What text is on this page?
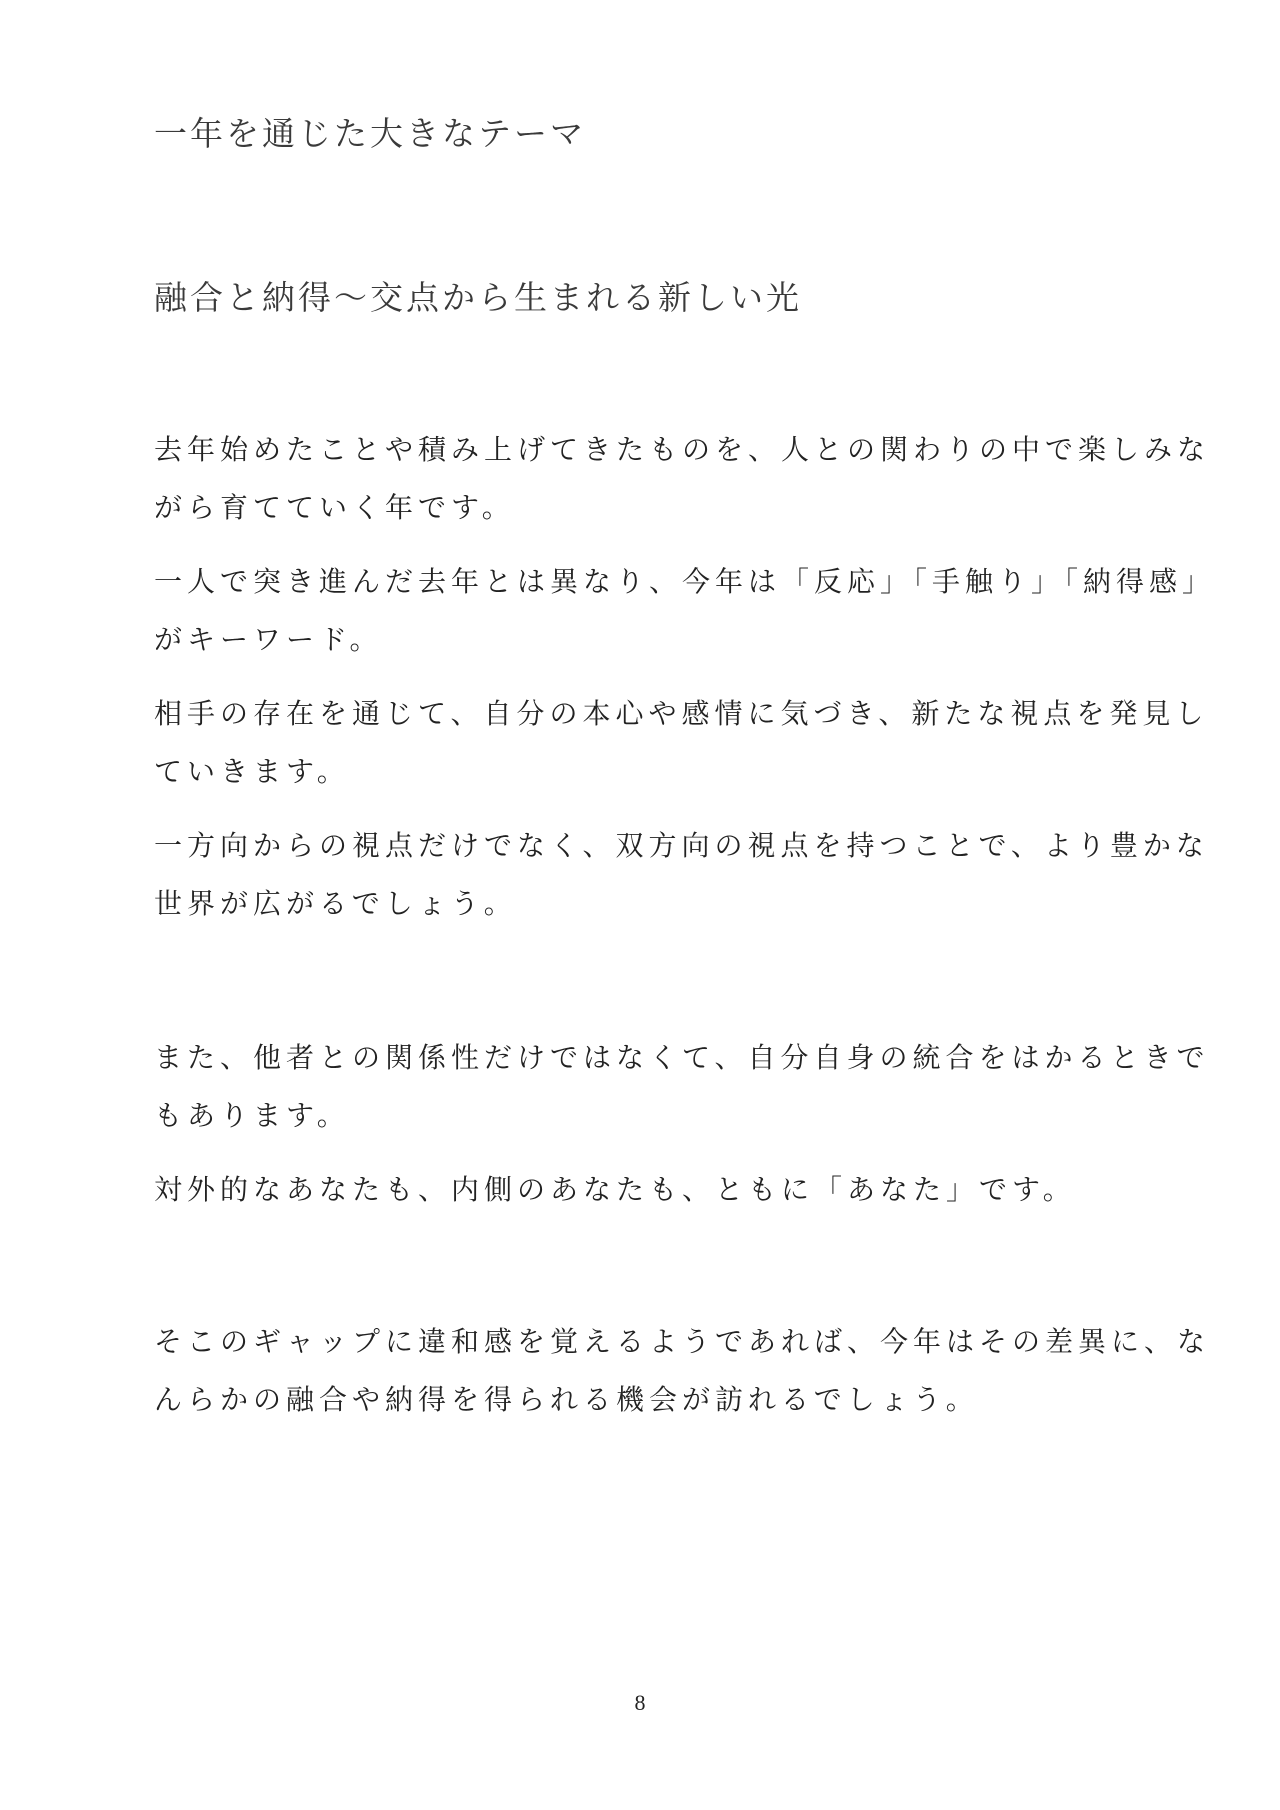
一年を通じた大きなテーマ
融合と納得〜交点から生まれる新しい光

去年始めたことや積み上げてきたものを、人との関わりの中で楽しみな

がら育てていく年です。

一人で突き進んだ去年とは異なり、今年は「反応」「手触り」「納得感」

がキーワード。

相手の存在を通じて、自分の本心や感情に気づき、新たな視点を発見し

ていきます。

一方向からの視点だけでなく、双方向の視点を持つことで、より豊かな

世界が広がるでしょう。

また、他者との関係性だけではなくて、自分自身の統合をはかるときで

もあります。

対外的なあなたも、内側のあなたも、ともに「あなた」です。

そこのギャップに違和感を覚えるようであれば、今年はその差異に、な

んらかの融合や納得を得られる機会が訪れるでしょう。

8
